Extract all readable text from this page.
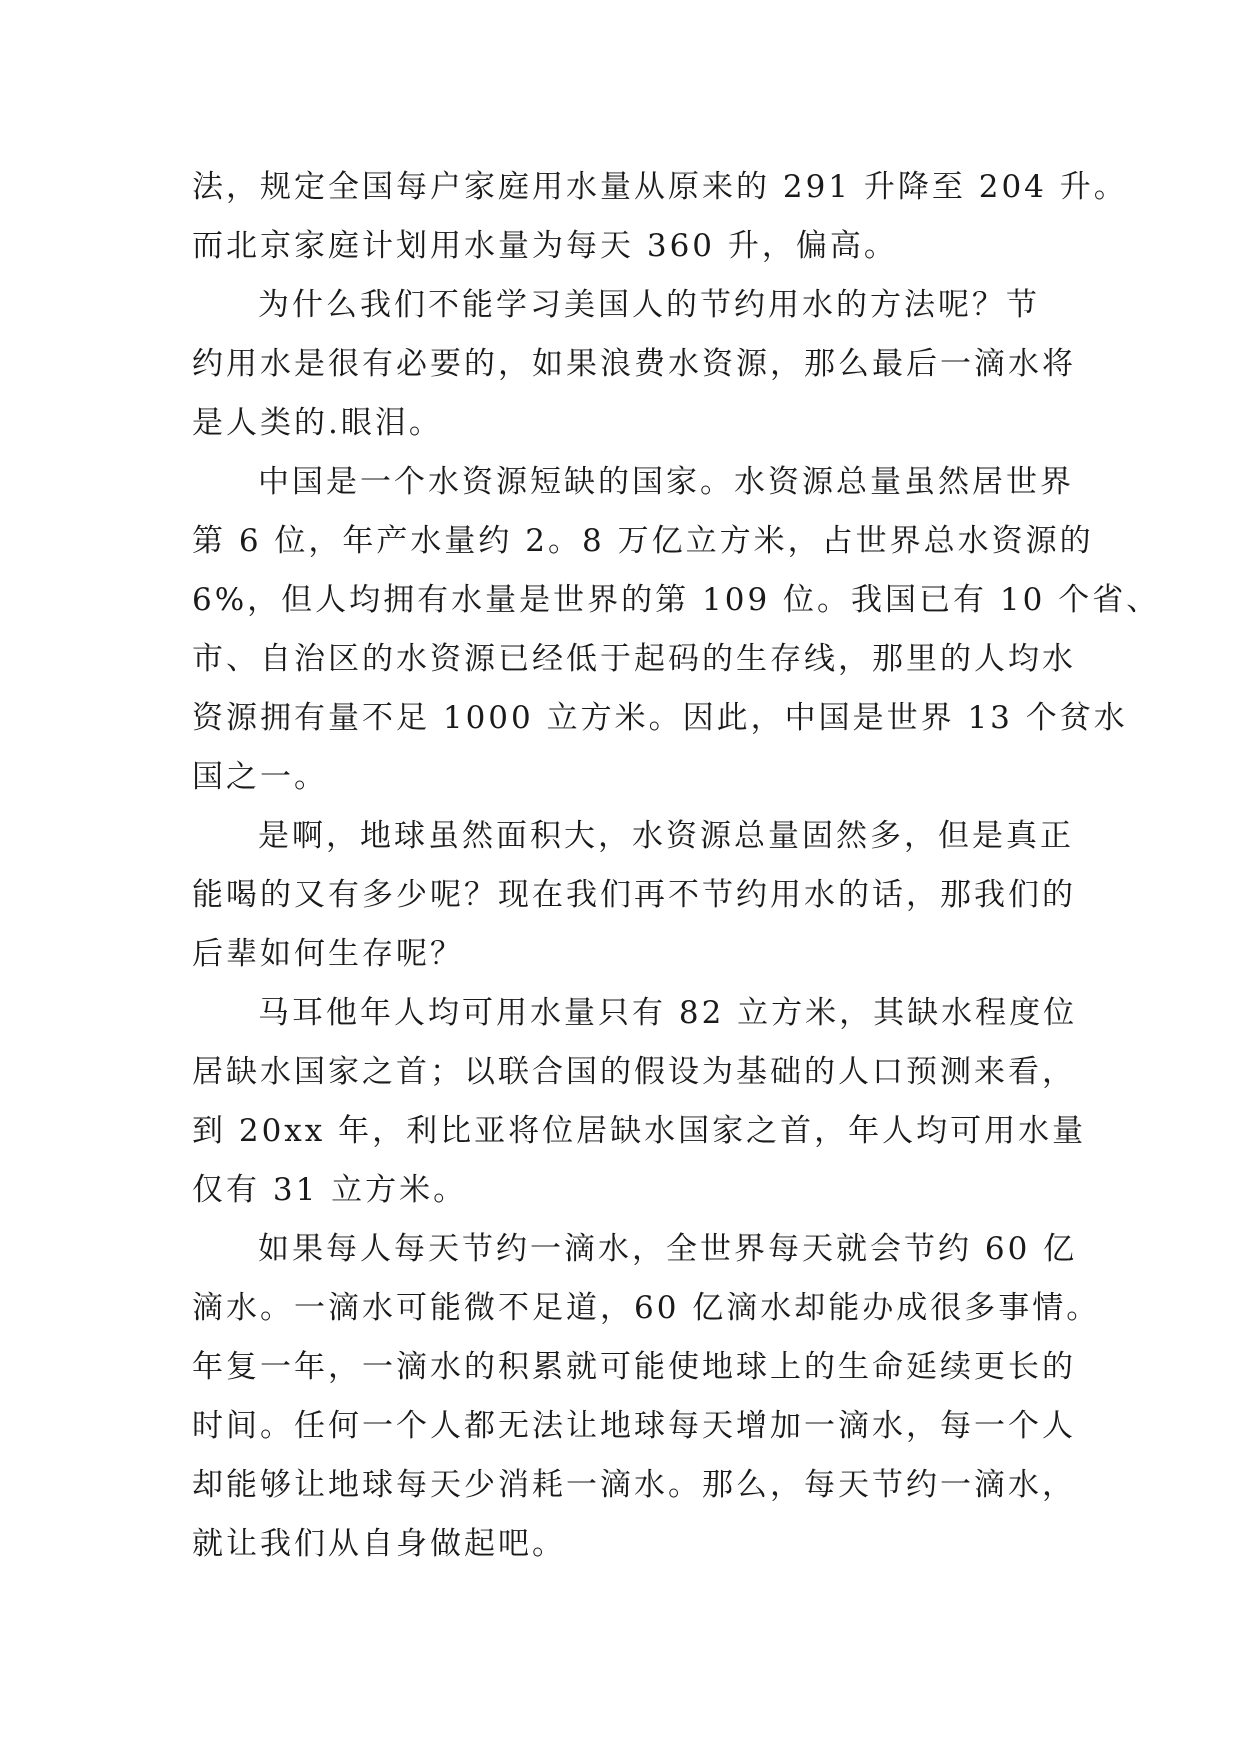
法，规定全国每户家庭用水量从原来的 291 升降至 204 升。
而北京家庭计划用水量为每天 360 升，偏高。

为什么我们不能学习美国人的节约用水的方法呢？节
约用水是很有必要的，如果浪费水资源，那么最后一滴水将
是人类的.眼泪。

中国是一个水资源短缺的国家。水资源总量虽然居世界
第 6 位，年产水量约 2。8 万亿立方米，占世界总水资源的
6%，但人均拥有水量是世界的第 109 位。我国已有 10 个省、
市、自治区的水资源已经低于起码的生存线，那里的人均水
资源拥有量不足 1000 立方米。因此，中国是世界 13 个贫水
国之一。

是啊，地球虽然面积大，水资源总量固然多，但是真正
能喝的又有多少呢？现在我们再不节约用水的话，那我们的
后辈如何生存呢？

马耳他年人均可用水量只有 82 立方米，其缺水程度位
居缺水国家之首；以联合国的假设为基础的人口预测来看，
到 20xx 年，利比亚将位居缺水国家之首，年人均可用水量
仅有 31 立方米。

如果每人每天节约一滴水，全世界每天就会节约 60 亿
滴水。一滴水可能微不足道，60 亿滴水却能办成很多事情。
年复一年，一滴水的积累就可能使地球上的生命延续更长的
时间。任何一个人都无法让地球每天增加一滴水，每一个人
却能够让地球每天少消耗一滴水。那么，每天节约一滴水，
就让我们从自身做起吧。
